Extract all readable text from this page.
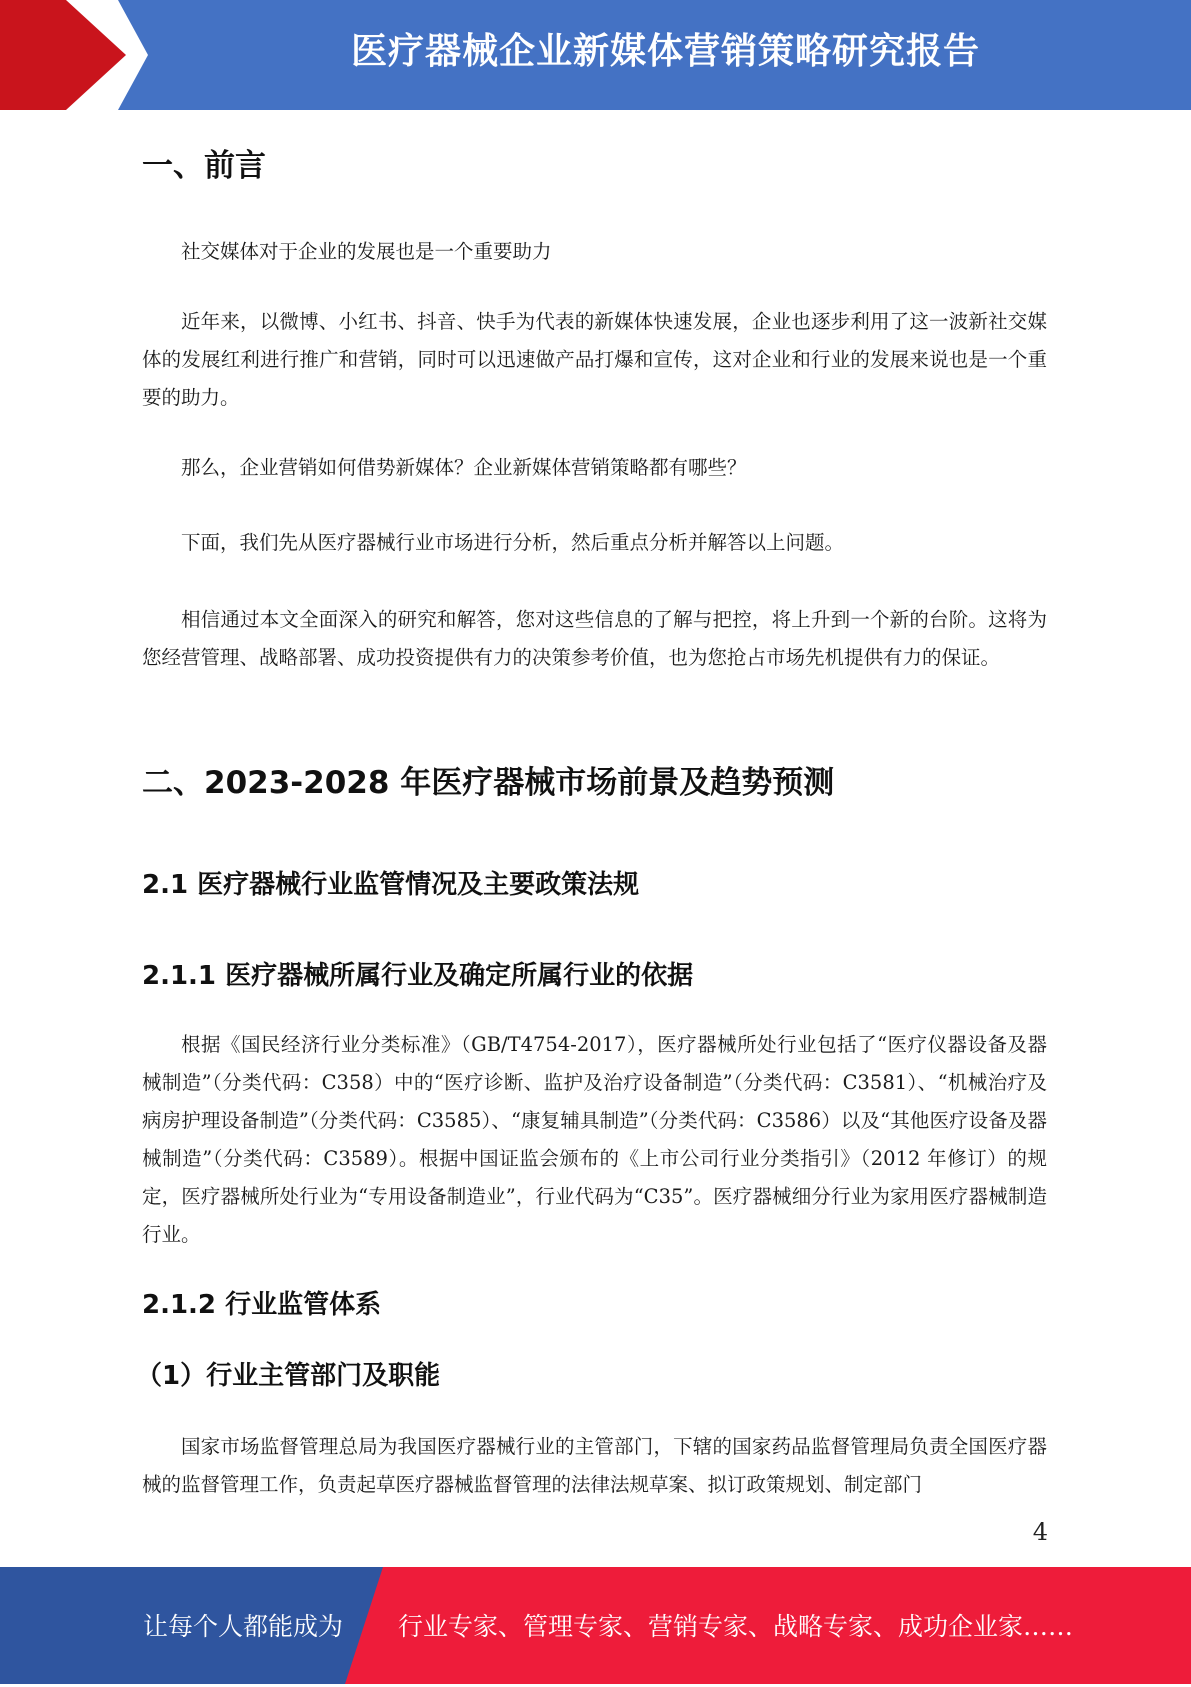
医疗器械企业新媒体营销策略研究报告
一、前言

社交媒体对于企业的发展也是一个重要助力

近年来，以微博、小红书、抖音、快手为代表的新媒体快速发展，企业也逐步利用了这一波新社交媒体的发展红利进行推广和营销，同时可以迅速做产品打爆和宣传，这对企业和行业的发展来说也是一个重要的助力。

那么，企业营销如何借势新媒体？企业新媒体营销策略都有哪些？

下面，我们先从医疗器械行业市场进行分析，然后重点分析并解答以上问题。

相信通过本文全面深入的研究和解答，您对这些信息的了解与把控，将上升到一个新的台阶。这将为您经营管理、战略部署、成功投资提供有力的决策参考价值，也为您抢占市场先机提供有力的保证。

二、2023-2028 年医疗器械市场前景及趋势预测
2.1 医疗器械行业监管情况及主要政策法规
2.1.1 医疗器械所属行业及确定所属行业的依据

根据《国民经济行业分类标准》（GB/T4754-2017），医疗器械所处行业包括了“医疗仪器设备及器械制造”（分类代码：C358）中的“医疗诊断、监护及治疗设备制造”（分类代码：C3581）、“机械治疗及病房护理设备制造”（分类代码：C3585）、“康复辅具制造”（分类代码：C3586）以及“其他医疗设备及器械制造”（分类代码：C3589）。根据中国证监会颁布的《上市公司行业分类指引》（2012 年修订）的规定，医疗器械所处行业为“专用设备制造业”，行业代码为“C35”。医疗器械细分行业为家用医疗器械制造行业。

2.1.2 行业监管体系
（1）行业主管部门及职能

国家市场监督管理总局为我国医疗器械行业的主管部门，下辖的国家药品监督管理局负责全国医疗器械的监督管理工作，负责起草医疗器械监督管理的法律法规草案、拟订政策规划、制定部门

4
让每个人都能成为 行业专家、管理专家、营销专家、战略专家、成功企业家……
